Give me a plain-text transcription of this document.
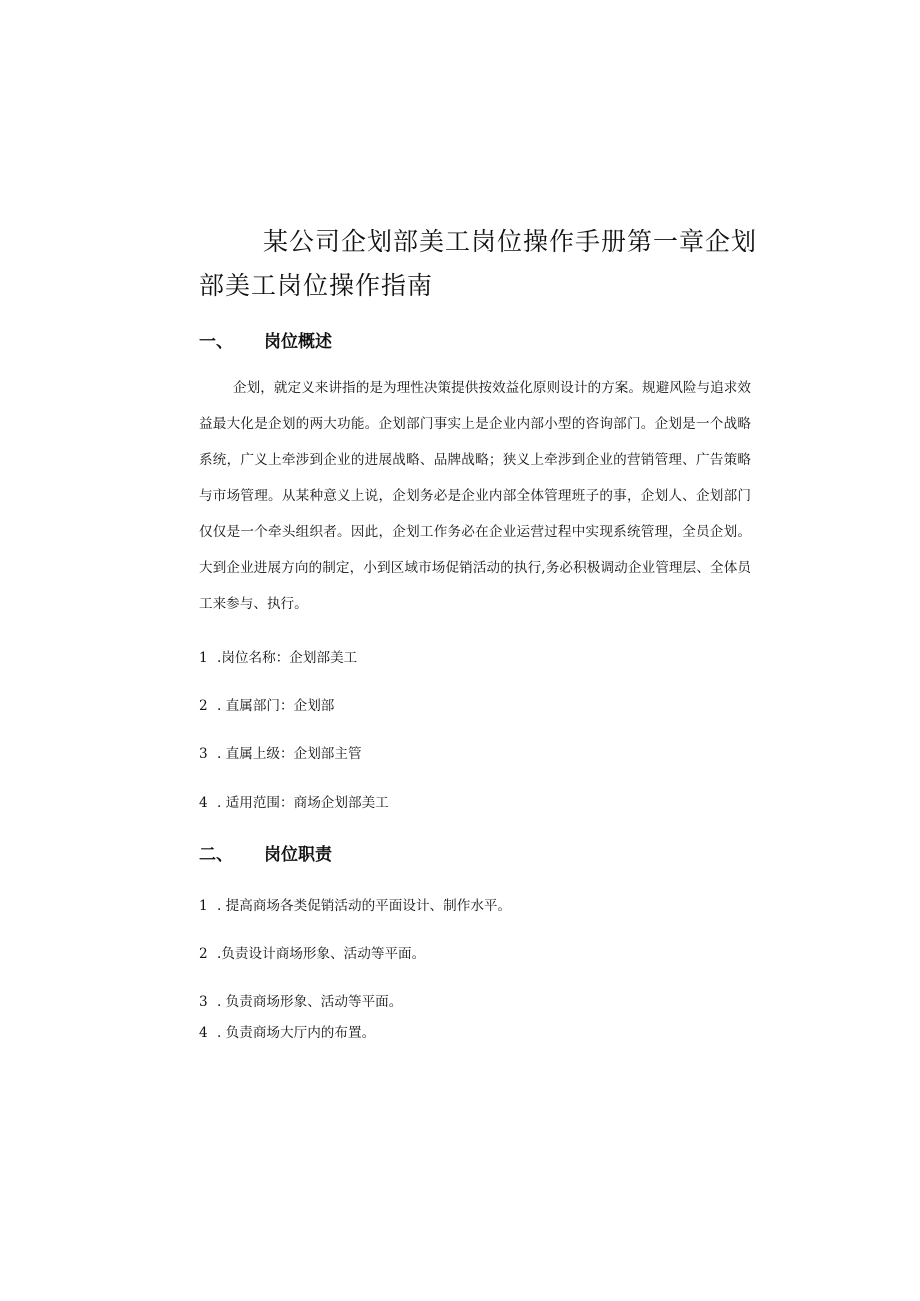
某公司企划部美工岗位操作手册第一章企划部美工岗位操作指南
一、 岗位概述

企划，就定义来讲指的是为理性决策提供按效益化原则设计的方案。规避风险与追求效益最大化是企划的两大功能。企划部门事实上是企业内部小型的咨询部门。企划是一个战略系统，广义上牵涉到企业的进展战略、品牌战略；狭义上牵涉到企业的营销管理、广告策略与市场管理。从某种意义上说，企划务必是企业内部全体管理班子的事，企划人、企划部门仅仅是一个牵头组织者。因此，企划工作务必在企业运营过程中实现系统管理，全员企划。大到企业进展方向的制定，小到区域市场促销活动的执行,务必积极调动企业管理层、全体员工来参与、执行。

1 .岗位名称：企划部美工
2 . 直属部门：企划部
3 . 直属上级：企划部主管
4 . 适用范围：商场企划部美工
二、 岗位职责
1 . 提高商场各类促销活动的平面设计、制作水平。
2 .负责设计商场形象、活动等平面。
3 . 负责商场形象、活动等平面。
4 . 负责商场大厅内的布置。
